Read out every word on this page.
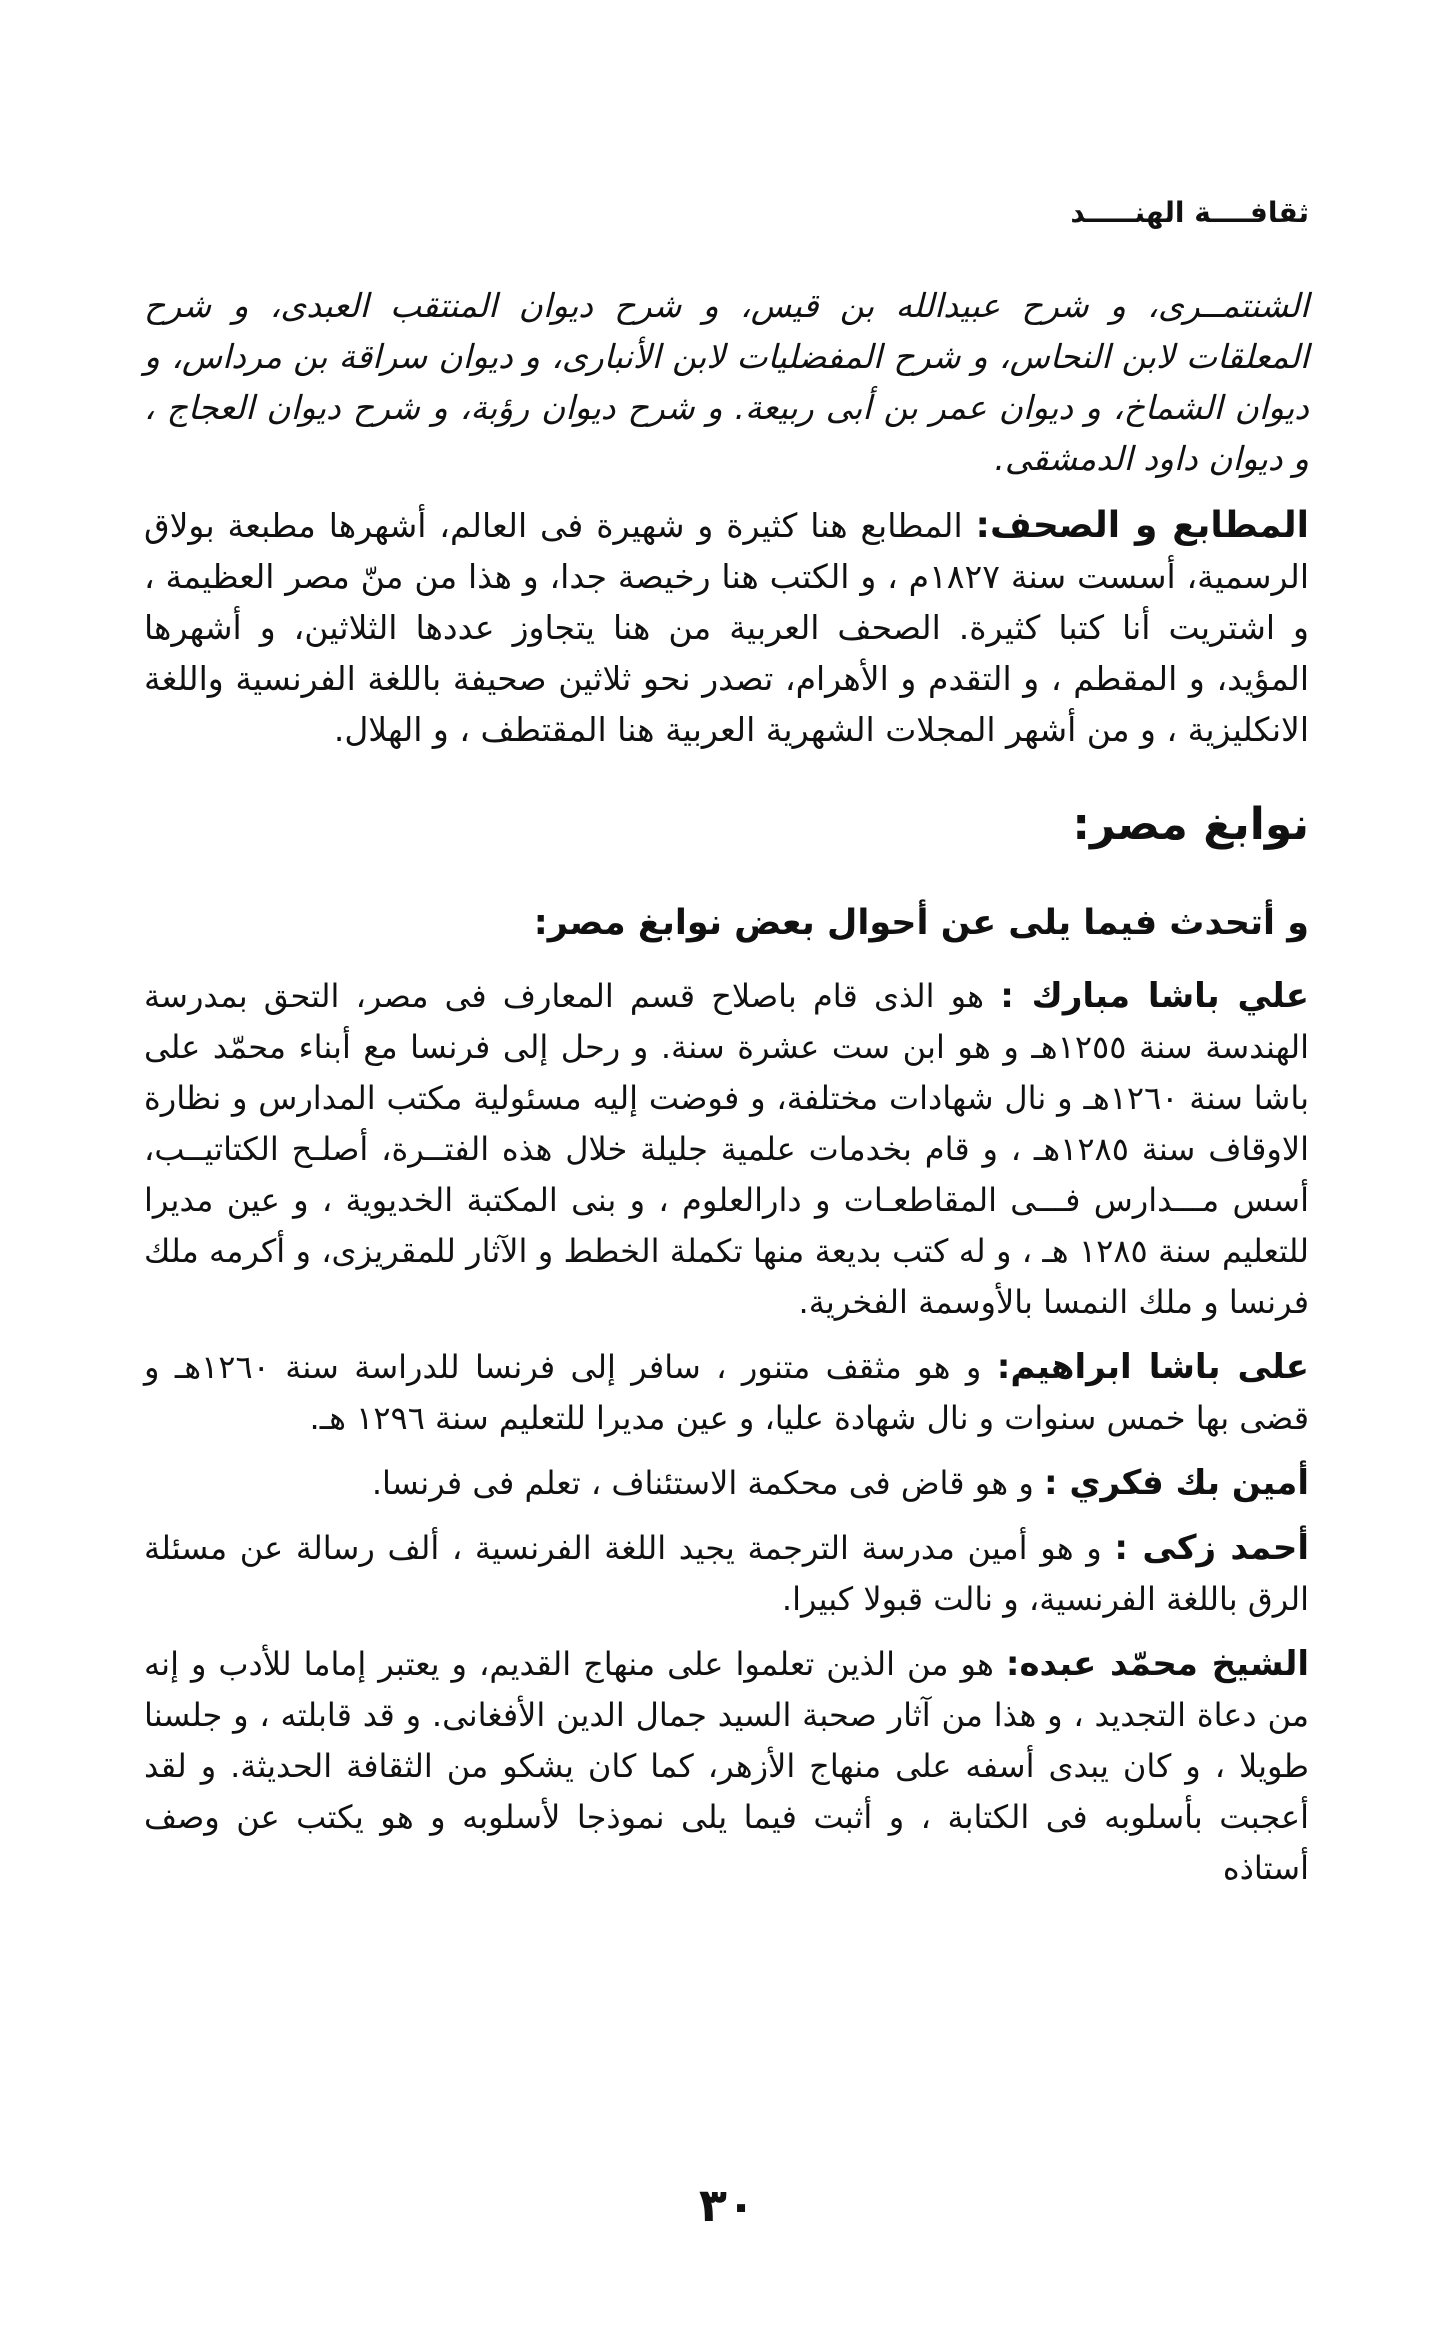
ثقافــــة الهنـــــد

الشنتمــرى، و شرح عبيدالله بن قيس، و شرح ديوان المنتقب العبدى، و شرح المعلقات لابن النحاس، و شرح المفضليات لابن الأنبارى، و ديوان سراقة بن مرداس، و ديوان الشماخ، و ديوان عمر بن أبى ربيعة. و شرح ديوان رؤبة، و شرح ديوان العجاج ، و ديوان داود الدمشقى.

المطابع و الصحف: المطابع هنا كثيرة و شهيرة فى العالم، أشهرها مطبعة بولاق الرسمية، أسست سنة ١٨٢٧م ، و الكتب هنا رخيصة جدا، و هذا من منّ مصر العظيمة ، و اشتريت أنا كتبا كثيرة. الصحف العربية من هنا يتجاوز عددها الثلاثين، و أشهرها المؤيد، و المقطم ، و التقدم و الأهرام، تصدر نحو ثلاثين صحيفة باللغة الفرنسية واللغة الانكليزية ، و من أشهر المجلات الشهرية العربية هنا المقتطف ، و الهلال.

نوابغ مصر:

و أتحدث فيما يلى عن أحوال بعض نوابغ مصر:

علي باشا مبارك : هو الذى قام باصلاح قسم المعارف فى مصر، التحق بمدرسة الهندسة سنة ١٢٥٥هـ و هو ابن ست عشرة سنة. و رحل إلى فرنسا مع أبناء محمّد على باشا سنة ١٢٦٠هـ و نال شهادات مختلفة، و فوضت إليه مسئولية مكتب المدارس و نظارة الاوقاف سنة ١٢٨٥هـ ، و قام بخدمات علمية جليلة خلال هذه الفتــرة، أصلـح الكتاتيــب، أسس مـــدارس فـــى المقاطعـات و دارالعلوم ، و بنى المكتبة الخديوية ، و عين مديرا للتعليم سنة ١٢٨٥ هـ ، و له كتب بديعة منها تكملة الخطط و الآثار للمقريزى، و أكرمه ملك فرنسا و ملك النمسا بالأوسمة الفخرية.

على باشا ابراهيم: و هو مثقف متنور ، سافر إلى فرنسا للدراسة سنة ١٢٦٠هـ و قضى بها خمس سنوات و نال شهادة عليا، و عين مديرا للتعليم سنة ١٢٩٦ هـ.

أمين بك فكري : و هو قاض فى محكمة الاستئناف ، تعلم فى فرنسا.

أحمد زكى : و هو أمين مدرسة الترجمة يجيد اللغة الفرنسية ، ألف رسالة عن مسئلة الرق باللغة الفرنسية، و نالت قبولا كبيرا.

الشيخ محمّد عبده: هو من الذين تعلموا على منهاج القديم، و يعتبر إماما للأدب و إنه من دعاة التجديد ، و هذا من آثار صحبة السيد جمال الدين الأفغانى. و قد قابلته ، و جلسنا طويلا ، و كان يبدى أسفه على منهاج الأزهر، كما كان يشكو من الثقافة الحديثة. و لقد أعجبت بأسلوبه فى الكتابة ، و أثبت فيما يلى نموذجا لأسلوبه و هو يكتب عن وصف أستاذه

٣٠
